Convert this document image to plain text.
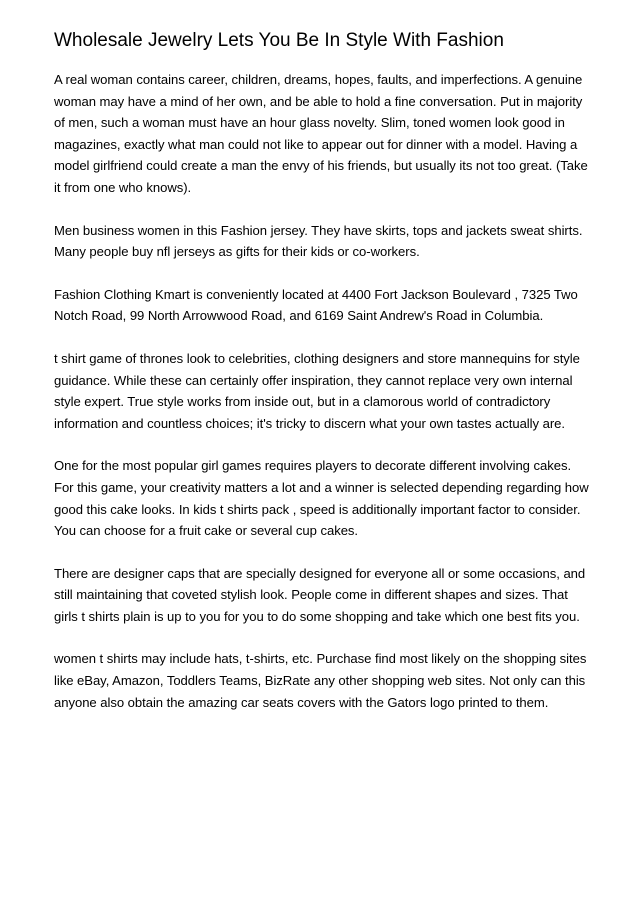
Wholesale Jewelry Lets You Be In Style With Fashion

A real woman contains career, children, dreams, hopes, faults, and imperfections. A genuine woman may have a mind of her own, and be able to hold a fine conversation. Put in majority of men, such a woman must have an hour glass novelty. Slim, toned women look good in magazines, exactly what man could not like to appear out for dinner with a model. Having a model girlfriend could create a man the envy of his friends, but usually its not too great. (Take it from one who knows).

Men business women in this Fashion jersey. They have skirts, tops and jackets sweat shirts. Many people buy nfl jerseys as gifts for their kids or co-workers.

Fashion Clothing Kmart is conveniently located at 4400 Fort Jackson Boulevard , 7325 Two Notch Road, 99 North Arrowwood Road, and 6169 Saint Andrew's Road in Columbia.

t shirt game of thrones look to celebrities, clothing designers and store mannequins for style guidance. While these can certainly offer inspiration, they cannot replace very own internal style expert. True style works from inside out, but in a clamorous world of contradictory information and countless choices; it's tricky to discern what your own tastes actually are.

One for the most popular girl games requires players to decorate different involving cakes. For this game, your creativity matters a lot and a winner is selected depending regarding how good this cake looks. In kids t shirts pack , speed is additionally important factor to consider. You can choose for a fruit cake or several cup cakes.

There are designer caps that are specially designed for everyone all or some occasions, and still maintaining that coveted stylish look. People come in different shapes and sizes. That girls t shirts plain is up to you for you to do some shopping and take which one best fits you.

women t shirts may include hats, t-shirts, etc. Purchase find most likely on the shopping sites like eBay, Amazon, Toddlers Teams, BizRate any other shopping web sites. Not only can this anyone also obtain the amazing car seats covers with the Gators logo printed to them.
